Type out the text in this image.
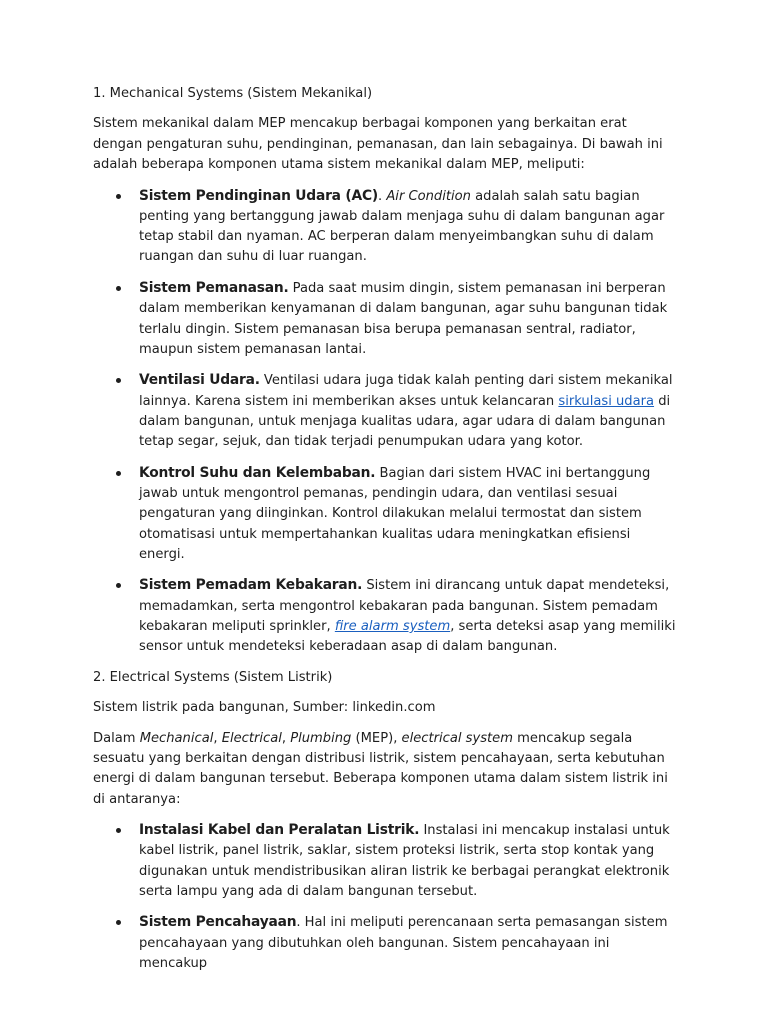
1. Mechanical Systems (Sistem Mekanikal)

Sistem mekanikal dalam MEP mencakup berbagai komponen yang berkaitan erat dengan pengaturan suhu, pendinginan, pemanasan, dan lain sebagainya. Di bawah ini adalah beberapa komponen utama sistem mekanikal dalam MEP, meliputi:

Sistem Pendinginan Udara (AC). Air Condition adalah salah satu bagian penting yang bertanggung jawab dalam menjaga suhu di dalam bangunan agar tetap stabil dan nyaman. AC berperan dalam menyeimbangkan suhu di dalam ruangan dan suhu di luar ruangan.
Sistem Pemanasan. Pada saat musim dingin, sistem pemanasan ini berperan dalam memberikan kenyamanan di dalam bangunan, agar suhu bangunan tidak terlalu dingin. Sistem pemanasan bisa berupa pemanasan sentral, radiator, maupun sistem pemanasan lantai.
Ventilasi Udara. Ventilasi udara juga tidak kalah penting dari sistem mekanikal lainnya. Karena sistem ini memberikan akses untuk kelancaran sirkulasi udara di dalam bangunan, untuk menjaga kualitas udara, agar udara di dalam bangunan tetap segar, sejuk, dan tidak terjadi penumpukan udara yang kotor.
Kontrol Suhu dan Kelembaban. Bagian dari sistem HVAC ini bertanggung jawab untuk mengontrol pemanas, pendingin udara, dan ventilasi sesuai pengaturan yang diinginkan. Kontrol dilakukan melalui termostat dan sistem otomatisasi untuk mempertahankan kualitas udara meningkatkan efisiensi energi.
Sistem Pemadam Kebakaran. Sistem ini dirancang untuk dapat mendeteksi, memadamkan, serta mengontrol kebakaran pada bangunan. Sistem pemadam kebakaran meliputi sprinkler, fire alarm system, serta deteksi asap yang memiliki sensor untuk mendeteksi keberadaan asap di dalam bangunan.

2. Electrical Systems (Sistem Listrik)

Sistem listrik pada bangunan, Sumber: linkedin.com

Dalam Mechanical, Electrical, Plumbing (MEP), electrical system mencakup segala sesuatu yang berkaitan dengan distribusi listrik, sistem pencahayaan, serta kebutuhan energi di dalam bangunan tersebut. Beberapa komponen utama dalam sistem listrik ini di antaranya:

Instalasi Kabel dan Peralatan Listrik. Instalasi ini mencakup instalasi untuk kabel listrik, panel listrik, saklar, sistem proteksi listrik, serta stop kontak yang digunakan untuk mendistribusikan aliran listrik ke berbagai perangkat elektronik serta lampu yang ada di dalam bangunan tersebut.
Sistem Pencahayaan. Hal ini meliputi perencanaan serta pemasangan sistem pencahayaan yang dibutuhkan oleh bangunan. Sistem pencahayaan ini mencakup
